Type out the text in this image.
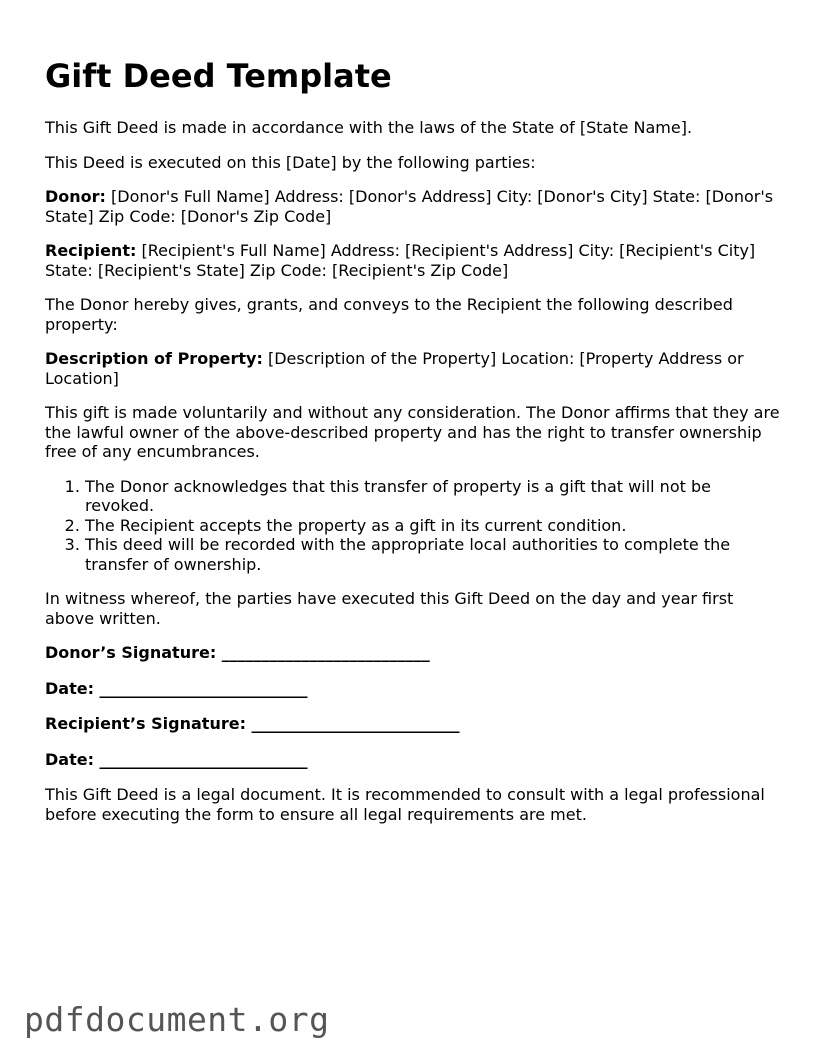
Gift Deed Template

This Gift Deed is made in accordance with the laws of the State of [State Name].

This Deed is executed on this [Date] by the following parties:

Donor: [Donor's Full Name] Address: [Donor's Address] City: [Donor's City] State: [Donor's State] Zip Code: [Donor's Zip Code]

Recipient: [Recipient's Full Name] Address: [Recipient's Address] City: [Recipient's City] State: [Recipient's State] Zip Code: [Recipient's Zip Code]

The Donor hereby gives, grants, and conveys to the Recipient the following described property:

Description of Property: [Description of the Property] Location: [Property Address or Location]

This gift is made voluntarily and without any consideration. The Donor affirms that they are the lawful owner of the above-described property and has the right to transfer ownership free of any encumbrances.

1. The Donor acknowledges that this transfer of property is a gift that will not be revoked.
2. The Recipient accepts the property as a gift in its current condition.
3. This deed will be recorded with the appropriate local authorities to complete the transfer of ownership.

In witness whereof, the parties have executed this Gift Deed on the day and year first above written.

Donor’s Signature: __________________________
Date: __________________________
Recipient’s Signature: __________________________
Date: __________________________

This Gift Deed is a legal document. It is recommended to consult with a legal professional before executing the form to ensure all legal requirements are met.

pdfdocument.org
